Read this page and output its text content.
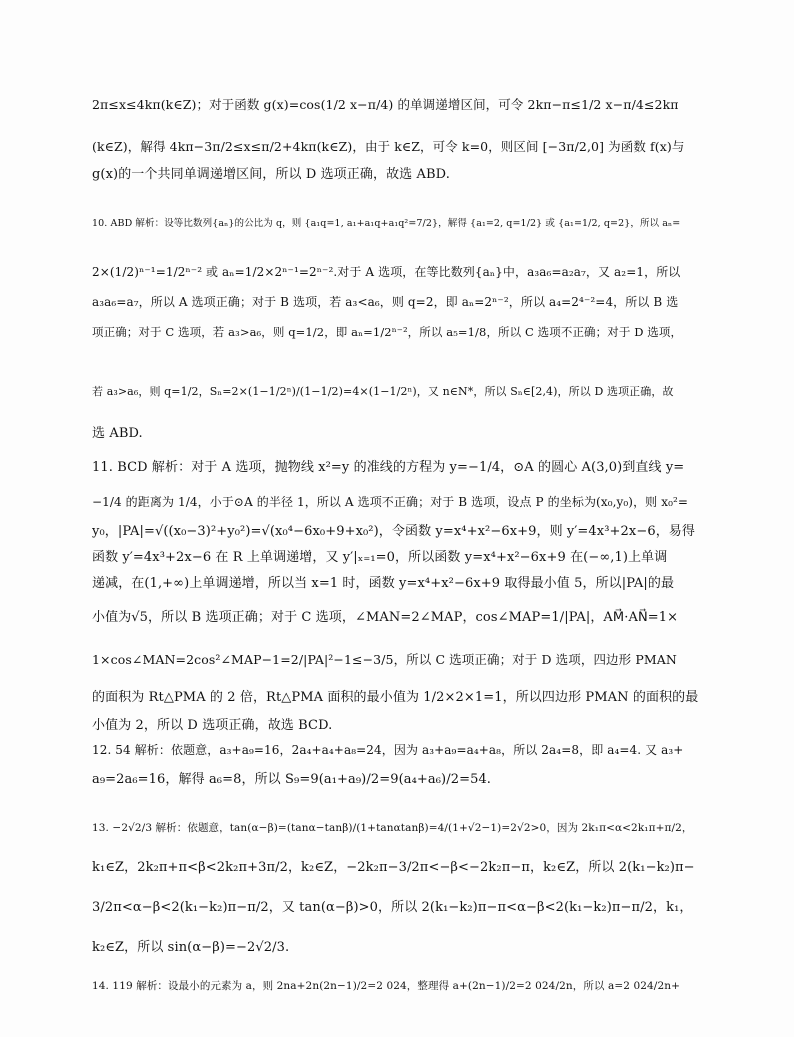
2π≤x≤4kπ(k∈Z)；对于函数 g(x)=cos(1/2 x−π/4) 的单调递增区间，可令 2kπ−π≤1/2 x−π/4≤2kπ
(k∈Z)，解得 4kπ−3π/2≤x≤π/2+4kπ(k∈Z)，由于 k∈Z，可令 k=0，则区间 [−3π/2,0] 为函数 f(x)与
g(x)的一个共同单调递增区间，所以 D 选项正确，故选 ABD.
10. ABD 解析：设等比数列{aₙ}的公比为 q，则 {a₁q=1, a₁+a₁q+a₁q²=7/2}，解得 {a₁=2, q=1/2} 或 {a₁=1/2, q=2}，所以 aₙ=
2×(1/2)ⁿ⁻¹=1/2ⁿ⁻² 或 aₙ=1/2×2ⁿ⁻¹=2ⁿ⁻².对于 A 选项，在等比数列{aₙ}中，a₃a₆=a₂a₇，又 a₂=1，所以
a₃a₆=a₇，所以 A 选项正确；对于 B 选项，若 a₃<a₆，则 q=2，即 aₙ=2ⁿ⁻²，所以 a₄=2⁴⁻²=4，所以 B 选
项正确；对于 C 选项，若 a₃>a₆，则 q=1/2，即 aₙ=1/2ⁿ⁻²，所以 a₅=1/8，所以 C 选项不正确；对于 D 选项，
若 a₃>a₆，则 q=1/2，Sₙ=2×(1−1/2ⁿ)/(1−1/2)=4×(1−1/2ⁿ)，又 n∈N*，所以 Sₙ∈[2,4)，所以 D 选项正确，故
选 ABD.
11. BCD 解析：对于 A 选项，抛物线 x²=y 的准线的方程为 y=−1/4，⊙A 的圆心 A(3,0)到直线 y=
−1/4 的距离为 1/4，小于⊙A 的半径 1，所以 A 选项不正确；对于 B 选项，设点 P 的坐标为(x₀,y₀)，则 x₀²=
y₀，|PA|=√((x₀−3)²+y₀²)=√(x₀⁴−6x₀+9+x₀²)，令函数 y=x⁴+x²−6x+9，则 y′=4x³+2x−6，易得
函数 y′=4x³+2x−6 在 R 上单调递增，又 y′|ₓ₌₁=0，所以函数 y=x⁴+x²−6x+9 在(−∞,1)上单调
递减，在(1,+∞)上单调递增，所以当 x=1 时，函数 y=x⁴+x²−6x+9 取得最小值 5，所以|PA|的最
小值为√5，所以 B 选项正确；对于 C 选项，∠MAN=2∠MAP，cos∠MAP=1/|PA|，AM⃗·AN⃗=1×
1×cos∠MAN=2cos²∠MAP−1=2/|PA|²−1≤−3/5，所以 C 选项正确；对于 D 选项，四边形 PMAN
的面积为 Rt△PMA 的 2 倍，Rt△PMA 面积的最小值为 1/2×2×1=1，所以四边形 PMAN 的面积的最
小值为 2，所以 D 选项正确，故选 BCD.
12. 54 解析：依题意，a₃+a₉=16，2a₄+a₄+a₈=24，因为 a₃+a₉=a₄+a₈，所以 2a₄=8，即 a₄=4. 又 a₃+
a₉=2a₆=16，解得 a₆=8，所以 S₉=9(a₁+a₉)/2=9(a₄+a₆)/2=54.
13. −2√2/3 解析：依题意，tan(α−β)=(tanα−tanβ)/(1+tanαtanβ)=4/(1+√2−1)=2√2>0，因为 2k₁π<α<2k₁π+π/2，
k₁∈Z，2k₂π+π<β<2k₂π+3π/2，k₂∈Z，−2k₂π−3/2π<−β<−2k₂π−π，k₂∈Z，所以 2(k₁−k₂)π−
3/2π<α−β<2(k₁−k₂)π−π/2，又 tan(α−β)>0，所以 2(k₁−k₂)π−π<α−β<2(k₁−k₂)π−π/2，k₁，
k₂∈Z，所以 sin(α−β)=−2√2/3.
14. 119 解析：设最小的元素为 a，则 2na+2n(2n−1)/2=2 024，整理得 a+(2n−1)/2=2 024/2n，所以 a=2 024/2n+
